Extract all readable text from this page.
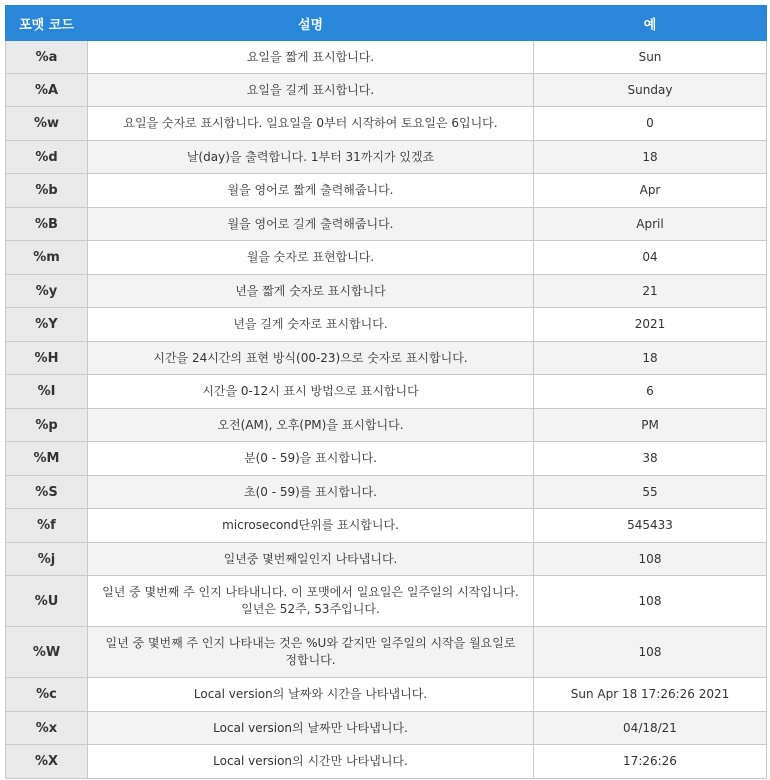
포맷 코드	설명	예
%a	요일을 짧게 표시합니다.	Sun
%A	요일을 길게 표시합니다.	Sunday
%w	요일을 숫자로 표시합니다. 일요일을 0부터 시작하여 토요일은 6입니다.	0
%d	날(day)을 출력합니다. 1부터 31까지가 있겠죠	18
%b	월을 영어로 짧게 출력해줍니다.	Apr
%B	월을 영어로 길게 출력해줍니다.	April
%m	월을 숫자로 표현합니다.	04
%y	년을 짧게 숫자로 표시합니다	21
%Y	년을 길게 숫자로 표시합니다.	2021
%H	시간을 24시간의 표현 방식(00-23)으로 숫자로 표시합니다.	18
%I	시간을 0-12시 표시 방법으로 표시합니다	6
%p	오전(AM), 오후(PM)을 표시합니다.	PM
%M	분(0 - 59)을 표시합니다.	38
%S	초(0 - 59)를 표시합니다.	55
%f	microsecond단위를 표시합니다.	545433
%j	일년중 몇번째일인지 나타냅니다.	108
%U	일년 중 몇번째 주 인지 나타내니다. 이 포맷에서 일요일은 일주일의 시작입니다. 일년은 52주, 53주입니다.	108
%W	일년 중 몇번째 주 인지 나타내는 것은 %U와 같지만 일주일의 시작을 월요일로 정합니다.	108
%c	Local version의 날짜와 시간을 나타냅니다.	Sun Apr 18 17:26:26 2021
%x	Local version의 날짜만 나타냅니다.	04/18/21
%X	Local version의 시간만 나타냅니다.	17:26:26
